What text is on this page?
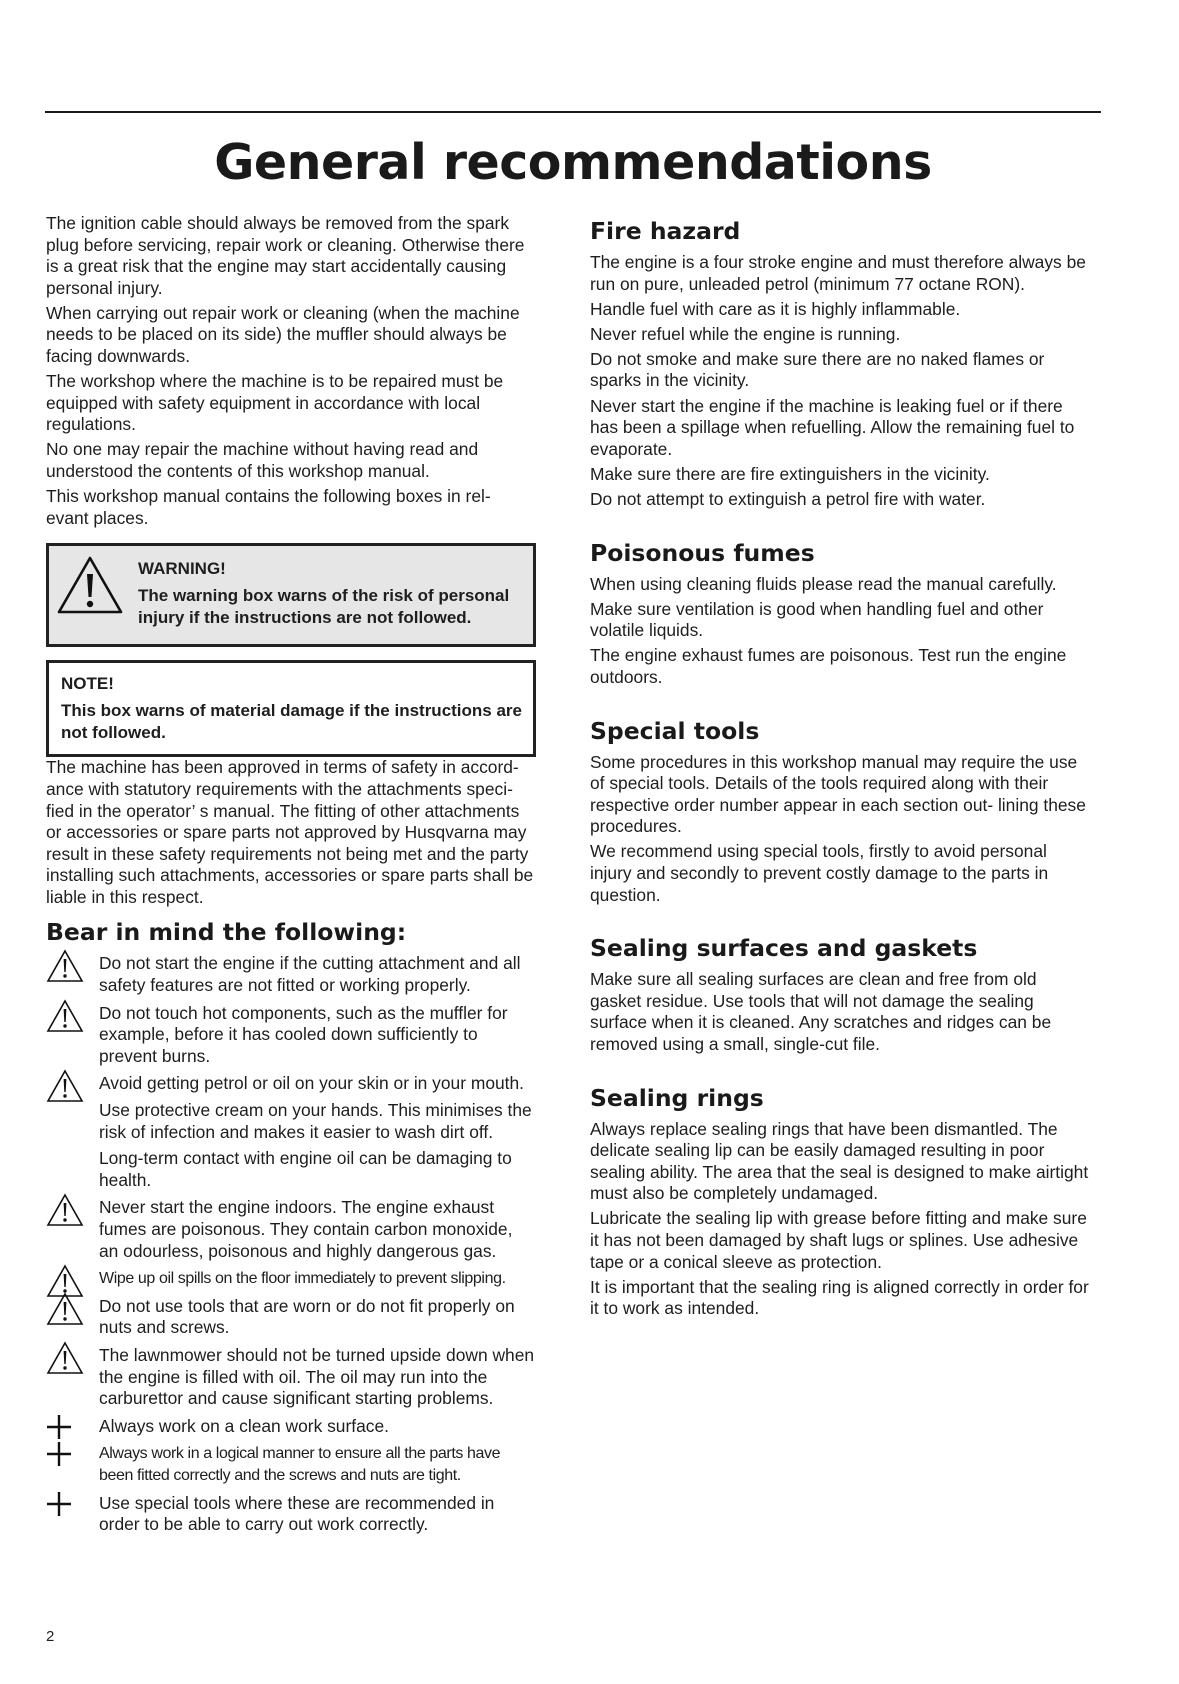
General recommendations

The ignition cable should always be removed from the spark plug before servicing, repair work or cleaning. Otherwise there is a great risk that the engine may start accidentally causing personal injury.

When carrying out repair work or cleaning (when the machine needs to be placed on its side) the muffler should always be facing downwards.

The workshop where the machine is to be repaired must be equipped with safety equipment in accordance with local regulations.

No one may repair the machine without having read and understood the contents of this workshop manual.

This workshop manual contains the following boxes in rel- evant places.

WARNING!

The warning box warns of the risk of personal injury if the instructions are not followed.

NOTE!

This box warns of material damage if the instructions are not followed.

The machine has been approved in terms of safety in accord- ance with statutory requirements with the attachments speci- fied in the operator’ s manual. The fitting of other attachments or accessories or spare parts not approved by Husqvarna may result in these safety requirements not being met and the party installing such attachments, accessories or spare parts shall be liable in this respect.

Bear in mind the following:

Do not start the engine if the cutting attachment and all safety features are not fitted or working properly.

Do not touch hot components, such as the muffler for example, before it has cooled down sufficiently to prevent burns.

Avoid getting petrol or oil on your skin or in your mouth.

Use protective cream on your hands. This minimises the risk of infection and makes it easier to wash dirt off.

Long-term contact with engine oil can be damaging to health.

Never start the engine indoors. The engine exhaust fumes are poisonous. They contain carbon monoxide, an odourless, poisonous and highly dangerous gas.

Wipe up oil spills on the floor immediately to prevent slipping.

Do not use tools that are worn or do not fit properly on nuts and screws.

The lawnmower should not be turned upside down when the engine is filled with oil. The oil may run into the carburettor and cause significant starting problems.

Always work on a clean work surface.

Always work in a logical manner to ensure all the parts have been fitted correctly and the screws and nuts are tight.

Use special tools where these are recommended in order to be able to carry out work correctly.

Fire hazard

The engine is a four stroke engine and must therefore always be run on pure, unleaded petrol (minimum 77 octane RON).

Handle fuel with care as it is highly inflammable.

Never refuel while the engine is running.

Do not smoke and make sure there are no naked flames or sparks in the vicinity.

Never start the engine if the machine is leaking fuel or if there has been a spillage when refuelling. Allow the remaining fuel to evaporate.

Make sure there are fire extinguishers in the vicinity.

Do not attempt to extinguish a petrol fire with water.

Poisonous fumes

When using cleaning fluids please read the manual carefully.

Make sure ventilation is good when handling fuel and other volatile liquids.

The engine exhaust fumes are poisonous. Test run the engine outdoors.

Special tools

Some procedures in this workshop manual may require the use of special tools. Details of the tools required along with their respective order number appear in each section out- lining these procedures.

We recommend using special tools, firstly to avoid personal injury and secondly to prevent costly damage to the parts in question.

Sealing surfaces and gaskets

Make sure all sealing surfaces are clean and free from old gasket residue. Use tools that will not damage the sealing surface when it is cleaned. Any scratches and ridges can be removed using a small, single-cut file.

Sealing rings

Always replace sealing rings that have been dismantled. The delicate sealing lip can be easily damaged resulting in poor sealing ability. The area that the seal is designed to make airtight must also be completely undamaged.

Lubricate the sealing lip with grease before fitting and make sure it has not been damaged by shaft lugs or splines. Use adhesive tape or a conical sleeve as protection.

It is important that the sealing ring is aligned correctly in order for it to work as intended.

2
